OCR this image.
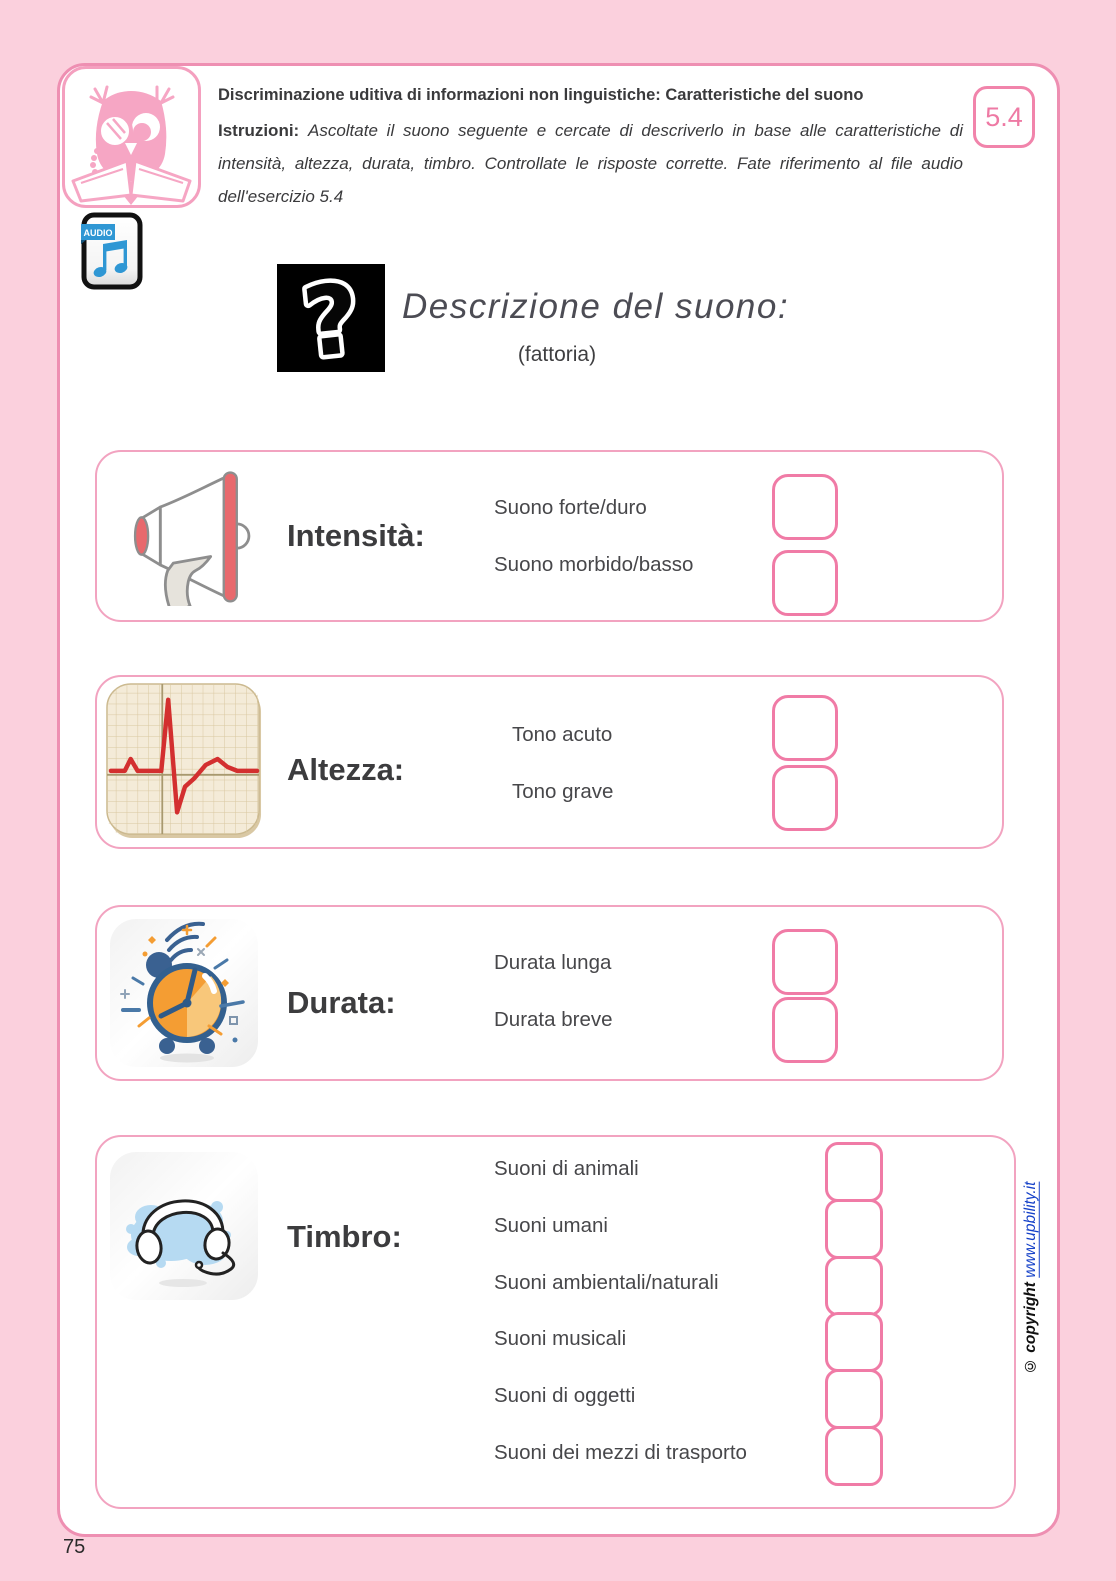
Discriminazione uditiva di informazioni non linguistiche: Caratteristiche del suono
Istruzioni: Ascoltate il suono seguente e cercate di descriverlo in base alle caratteristiche di intensità, altezza, durata, timbro. Controllate le risposte corrette. Fate riferimento al file audio dell'esercizio 5.4
5.4
AUDIO
? Descrizione del suono:
(fattoria)
Intensità:
Suono forte/duro
Suono morbido/basso
Altezza:
Tono acuto
Tono grave
Durata:
Durata lunga
Durata breve
Timbro:
Suoni di animali
Suoni umani
Suoni ambientali/naturali
Suoni musicali
Suoni di oggetti
Suoni dei mezzi di trasporto
© copyright www.upbility.it
75
